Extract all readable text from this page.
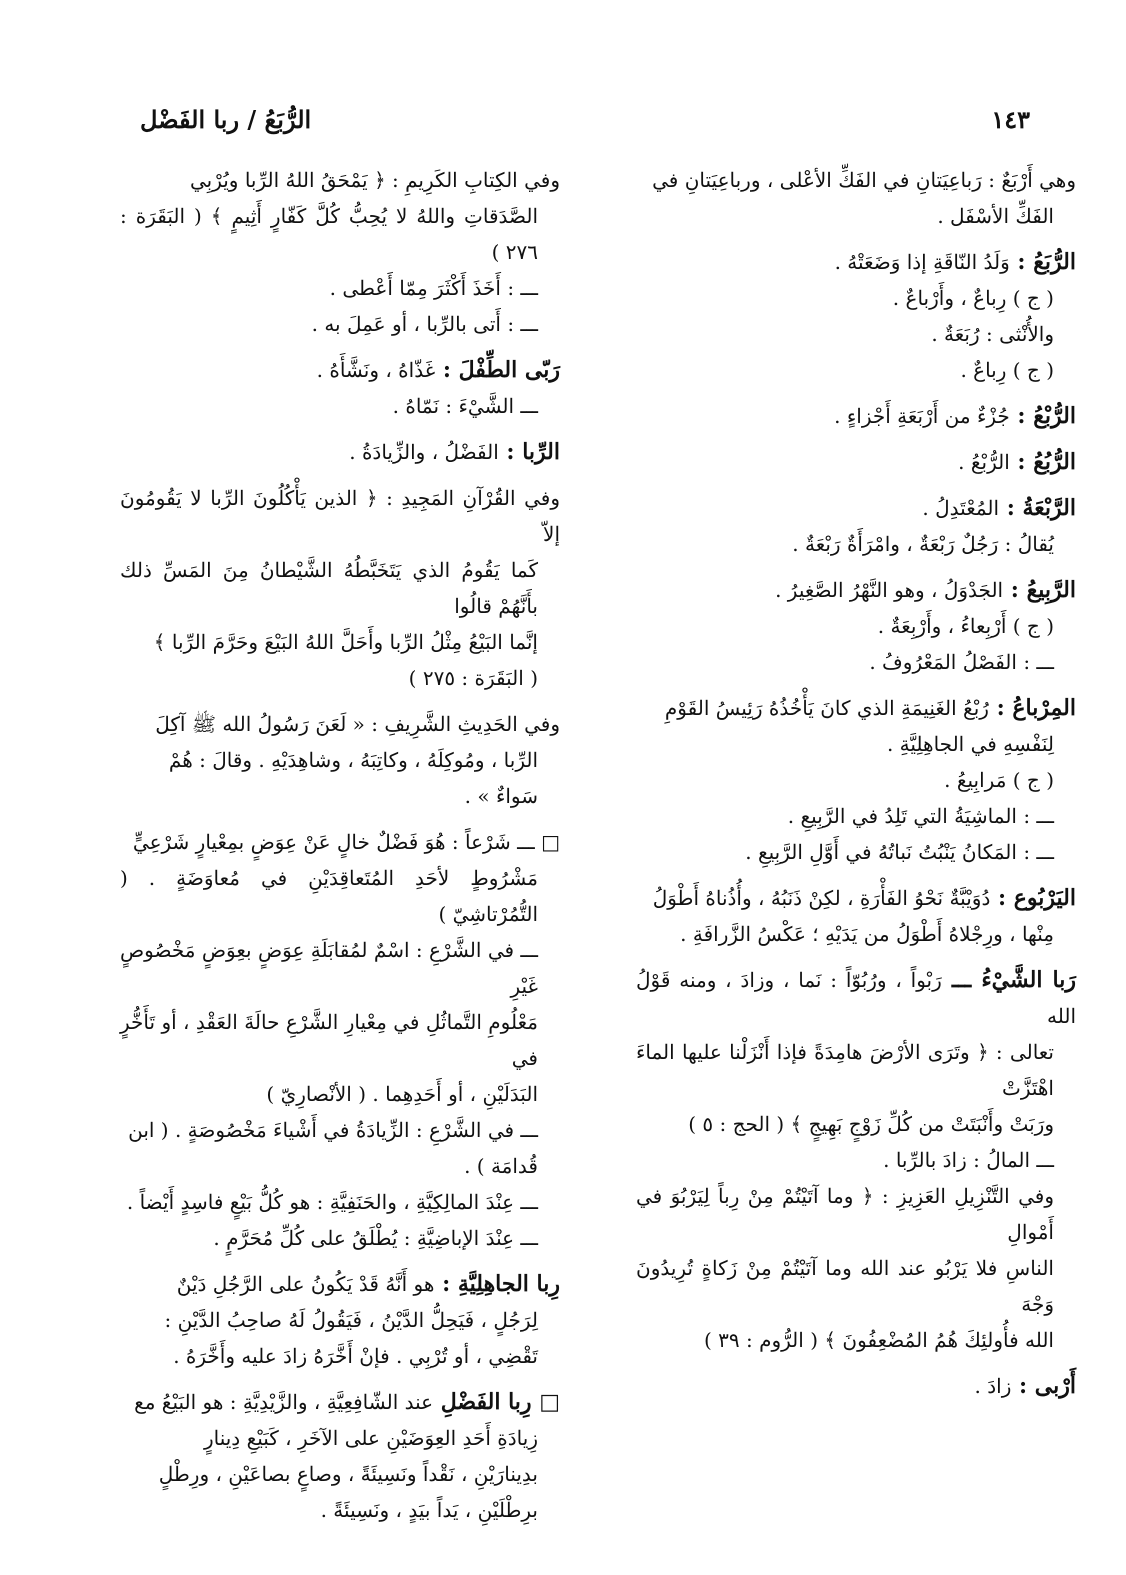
١٤٣
الرُّبَعُ / ربا الفَضْل
وهي أَرْبَعٌ : رَباعِيَتانِ في الفَكِّ الأعْلى ، ورباعِيَتانِ في
الفَكِّ الأسْفَل .
الرُّبَعُ : وَلَدُ النّاقَةِ إذا وَضَعَتْهُ .
( ج ) رِباعٌ ، وأَرْباعٌ .
والأُنْثى : رُبَعَةٌ .
( ج ) رِباعٌ .
الرُّبْعُ : جُزْءٌ من أَرْبَعَةِ أَجْزاءٍ .
الرُّبُعُ : الرُّبْعُ .
الرَّبْعَةُ : المُعْتَدِلُ .
يُقالُ : رَجُلٌ رَبْعَةٌ ، وامْرَأَةٌ رَبْعَةٌ .
الرَّبِيعُ : الجَدْوَلُ ، وهو النَّهْرُ الصَّغِيرُ .
( ج ) أَرْبِعاءُ ، وأَرْبِعَةٌ .
ـــ : الفَصْلُ المَعْرُوفُ .
المِرْباعُ : رُبْعُ الغَنِيمَةِ الذي كانَ يَأْخُذُهُ رَئِيسُ القَوْمِ
لِنَفْسِهِ في الجاهِلِيَّةِ .
( ج ) مَرابِيعُ .
ـــ : الماشِيَةُ التي تَلِدُ في الرَّبِيعِ .
ـــ : المَكانُ يَنْبُتُ نَباتُهُ في أَوَّلِ الرَّبِيعِ .
اليَرْبُوع : دُوَيْبَّةٌ نَحْوُ الفَأْرَةِ ، لكِنْ ذَنَبُهُ ، وأُذُناهُ أَطْوَلُ
مِنْها ، ورِجْلاهُ أَطْوَلُ من يَدَيْهِ ؛ عَكْسُ الزَّرافَةِ .
رَبا الشَّيْءُ ـــ رَبْواً ، ورُبُوّاً : نَما ، وزادَ ، ومنه قَوْلُ الله
تعالى : ﴿ وتَرَى الأرْضَ هامِدَةً فإذا أَنْزَلْنا عليها الماءَ اهْتَزَّتْ
ورَبَتْ وأَنْبَتَتْ من كُلِّ زَوْجٍ بَهِيجٍ ﴾ ( الحج : ٥ )
ـــ المالُ : زادَ بالرِّبا .
وفي التَّنْزِيلِ العَزِيزِ : ﴿ وما آتَيْتُمْ مِنْ رِباً لِيَرْبُوَ في أَمْوالِ
الناسِ فلا يَرْبُو عند الله وما آتَيْتُمْ مِنْ زَكاةٍ تُرِيدُونَ وَجْهَ
الله فأُولئِكَ هُمُ المُضْعِفُونَ ﴾ ( الرُّوم : ٣٩ )
أَرْبى : زادَ .
وفي الكِتابِ الكَرِيمِ : ﴿ يَمْحَقُ اللهُ الرِّبا ويُرْبِي
الصَّدَقاتِ واللهُ لا يُحِبُّ كُلَّ كَفّارٍ أَثِيمٍ ﴾ ( البَقَرَة : ٢٧٦ )
ـــ : أَخَذَ أَكْثَرَ مِمّا أَعْطى .
ـــ : أَتى بالرِّبا ، أو عَمِلَ به .
رَبّى الطِّفْلَ : غَذّاهُ ، ونَشَّأَهُ .
ـــ الشَّيْءَ : نَمّاهُ .
الرِّبا : الفَضْلُ ، والزِّيادَةُ .
وفي القُرْآنِ المَجِيدِ : ﴿ الذين يَأْكُلُونَ الرِّبا لا يَقُومُونَ إلاّ
كَما يَقُومُ الذي يَتَخَبَّطُهُ الشَّيْطانُ مِنَ المَسِّ ذلك بأَنَّهُمْ قالُوا
إنَّما البَيْعُ مِثْلُ الرِّبا وأَحَلَّ اللهُ البَيْعَ وحَرَّمَ الرِّبا ﴾
( البَقَرَة : ٢٧٥ )
وفي الحَدِيثِ الشَّرِيفِ : « لَعَنَ رَسُولُ الله ﷺ آكِلَ
الرِّبا ، ومُوكِلَهُ ، وكاتِبَهُ ، وشاهِدَيْهِ . وقالَ : هُمْ
سَواءٌ » .
□ ـــ شَرْعاً : هُوَ فَضْلٌ خالٍ عَنْ عِوَضٍ بمِعْيارٍ شَرْعِيٍّ
مَشْرُوطٍ لأحَدِ المُتَعاقِدَيْنِ في مُعاوَضَةٍ . ( التُّمُرْتاشِيّ )
ـــ في الشَّرْعِ : اسْمٌ لمُقابَلَةِ عِوَضٍ بعِوَضٍ مَخْصُوصٍ غَيْرِ
مَعْلُومِ التَّماثُلِ في مِعْيارِ الشَّرْعِ حالَةَ العَقْدِ ، أو تَأَخُّرٍ في
البَدَلَيْنِ ، أو أَحَدِهِما . ( الأنْصارِيّ )
ـــ في الشَّرْعِ : الزِّيادَةُ في أَشْياءَ مَخْصُوصَةٍ . ( ابن
قُدامَة ) .
ـــ عِنْدَ المالِكِيَّةِ ، والحَنَفِيَّةِ : هو كُلُّ بَيْعٍ فاسِدٍ أَيْضاً .
ـــ عِنْدَ الإباضِيَّةِ : يُطْلَقُ على كُلِّ مُحَرَّمٍ .
رِبا الجاهِلِيَّةِ : هو أَنَّهُ قَدْ يَكُونُ على الرَّجُلِ دَيْنٌ
لِرَجُلٍ ، فَيَحِلُّ الدَّيْنُ ، فَيَقُولُ لَهُ صاحِبُ الدَّيْنِ :
تَقْضِي ، أو تُرْبِي . فإنْ أَخَّرَهُ زادَ عليه وأَخَّرَهُ .
□ رِبا الفَضْلِ عند الشّافِعِيَّةِ ، والزَّيْدِيَّةِ : هو البَيْعُ مع
زِيادَةِ أَحَدِ العِوَضَيْنِ على الآخَرِ ، كَبَيْعِ دِينارٍ
بدِينارَيْنِ ، نَقْداً ونَسِيئَةً ، وصاعٍ بصاعَيْنِ ، ورِطْلٍ
برِطْلَيْنِ ، يَداً بيَدٍ ، ونَسِيئَةً .
